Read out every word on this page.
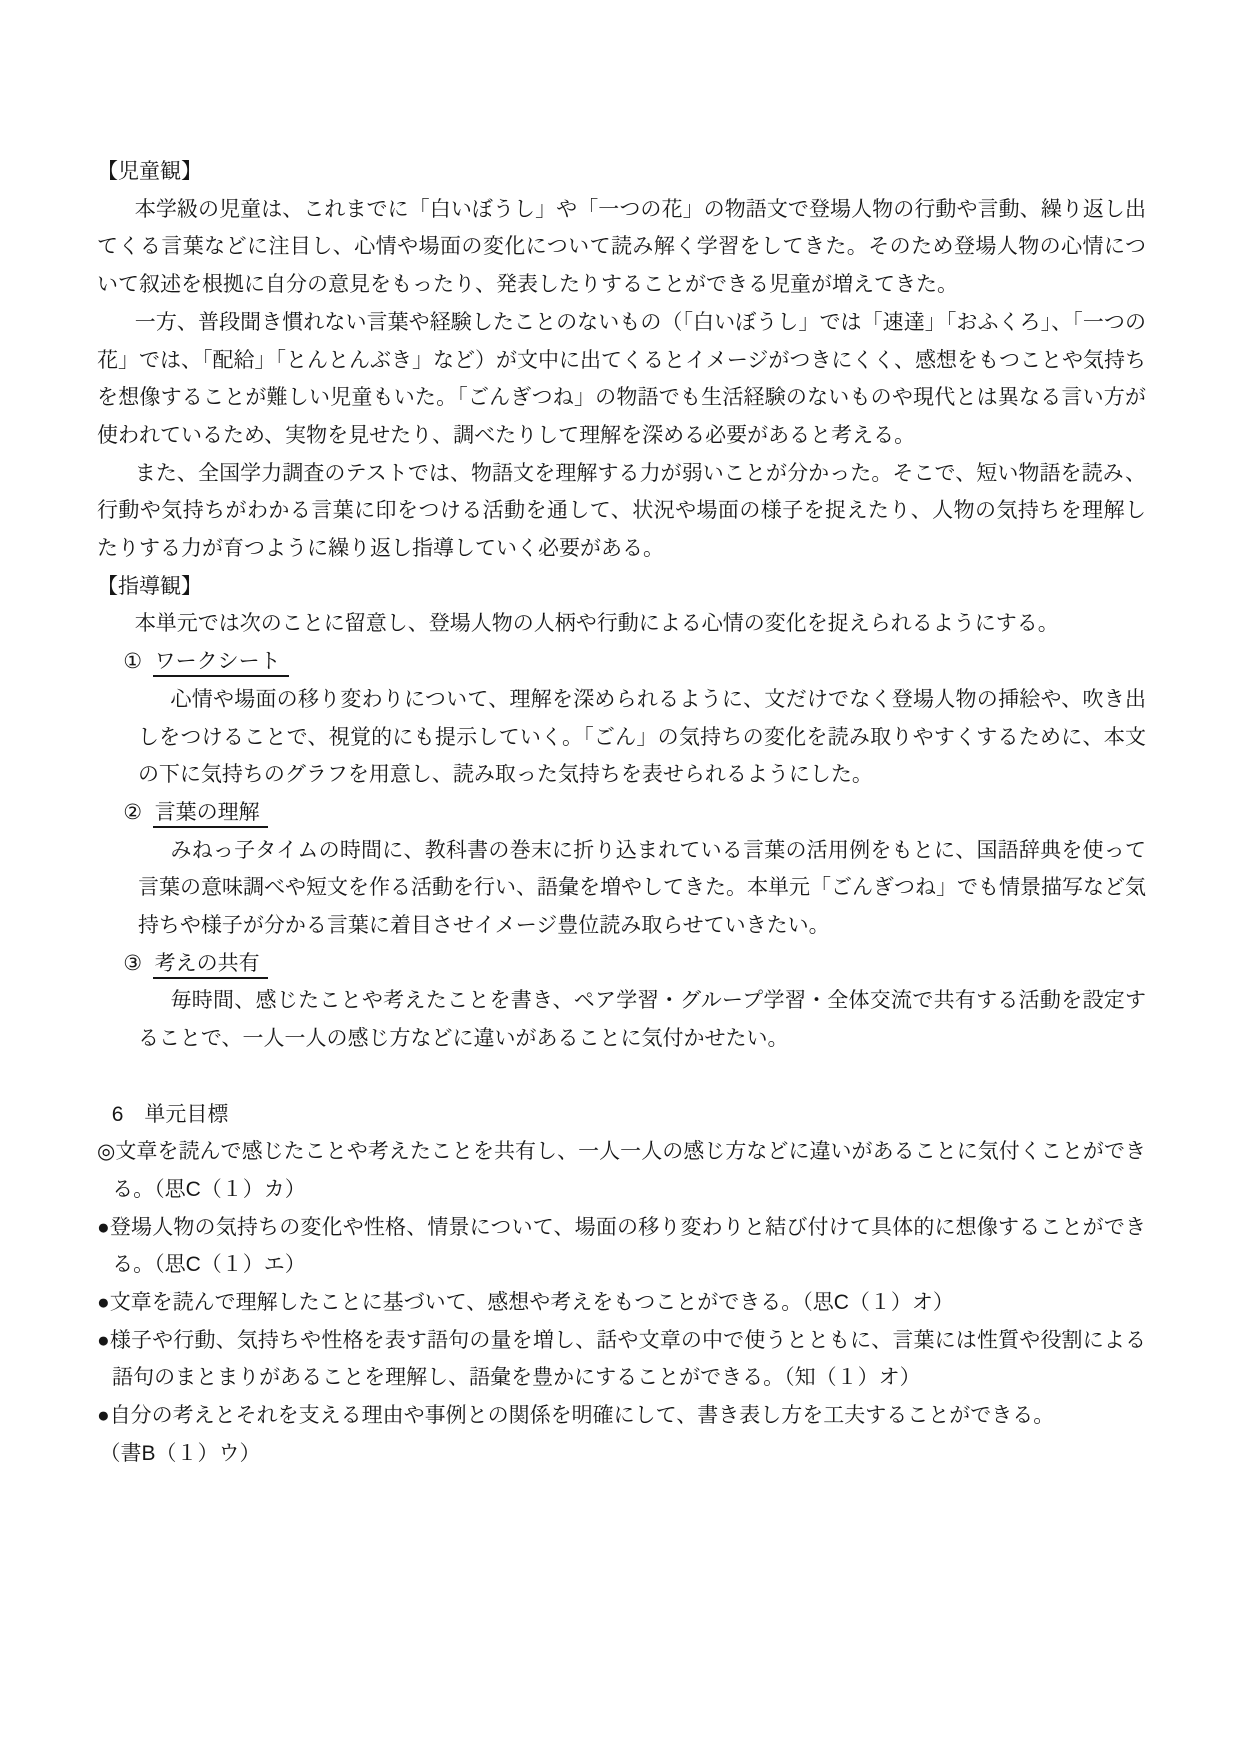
【児童観】

本学級の児童は、これまでに「白いぼうし」や「一つの花」の物語文で登場人物の行動や言動、繰り返し出てくる言葉などに注目し、心情や場面の変化について読み解く学習をしてきた。そのため登場人物の心情について叙述を根拠に自分の意見をもったり、発表したりすることができる児童が増えてきた。

一方、普段聞き慣れない言葉や経験したことのないもの（「白いぼうし」では「速達」「おふくろ」、「一つの花」では、「配給」「とんとんぶき」など）が文中に出てくるとイメージがつきにくく、感想をもつことや気持ちを想像することが難しい児童もいた。「ごんぎつね」の物語でも生活経験のないものや現代とは異なる言い方が使われているため、実物を見せたり、調べたりして理解を深める必要があると考える。

また、全国学力調査のテストでは、物語文を理解する力が弱いことが分かった。そこで、短い物語を読み、行動や気持ちがわかる言葉に印をつける活動を通して、状況や場面の様子を捉えたり、人物の気持ちを理解したりする力が育つように繰り返し指導していく必要がある。

【指導観】

本単元では次のことに留意し、登場人物の人柄や行動による心情の変化を捉えられるようにする。

① ワークシート

心情や場面の移り変わりについて、理解を深められるように、文だけでなく登場人物の挿絵や、吹き出しをつけることで、視覚的にも提示していく。「ごん」の気持ちの変化を読み取りやすくするために、本文の下に気持ちのグラフを用意し、読み取った気持ちを表せられるようにした。

② 言葉の理解

みねっ子タイムの時間に、教科書の巻末に折り込まれている言葉の活用例をもとに、国語辞典を使って言葉の意味調べや短文を作る活動を行い、語彙を増やしてきた。本単元「ごんぎつね」でも情景描写など気持ちや様子が分かる言葉に着目させイメージ豊位読み取らせていきたい。

③ 考えの共有

毎時間、感じたことや考えたことを書き、ペア学習・グループ学習・全体交流で共有する活動を設定することで、一人一人の感じ方などに違いがあることに気付かせたい。

6　単元目標
◎文章を読んで感じたことや考えたことを共有し、一人一人の感じ方などに違いがあることに気付くことができる。（思C（１）カ）
●登場人物の気持ちの変化や性格、情景について、場面の移り変わりと結び付けて具体的に想像することができる。（思C（１）エ）
●文章を読んで理解したことに基づいて、感想や考えをもつことができる。（思C（１）オ）
●様子や行動、気持ちや性格を表す語句の量を増し、話や文章の中で使うとともに、言葉には性質や役割による語句のまとまりがあることを理解し、語彙を豊かにすることができる。（知（１）オ）
●自分の考えとそれを支える理由や事例との関係を明確にして、書き表し方を工夫することができる。
（書B（１）ウ）
